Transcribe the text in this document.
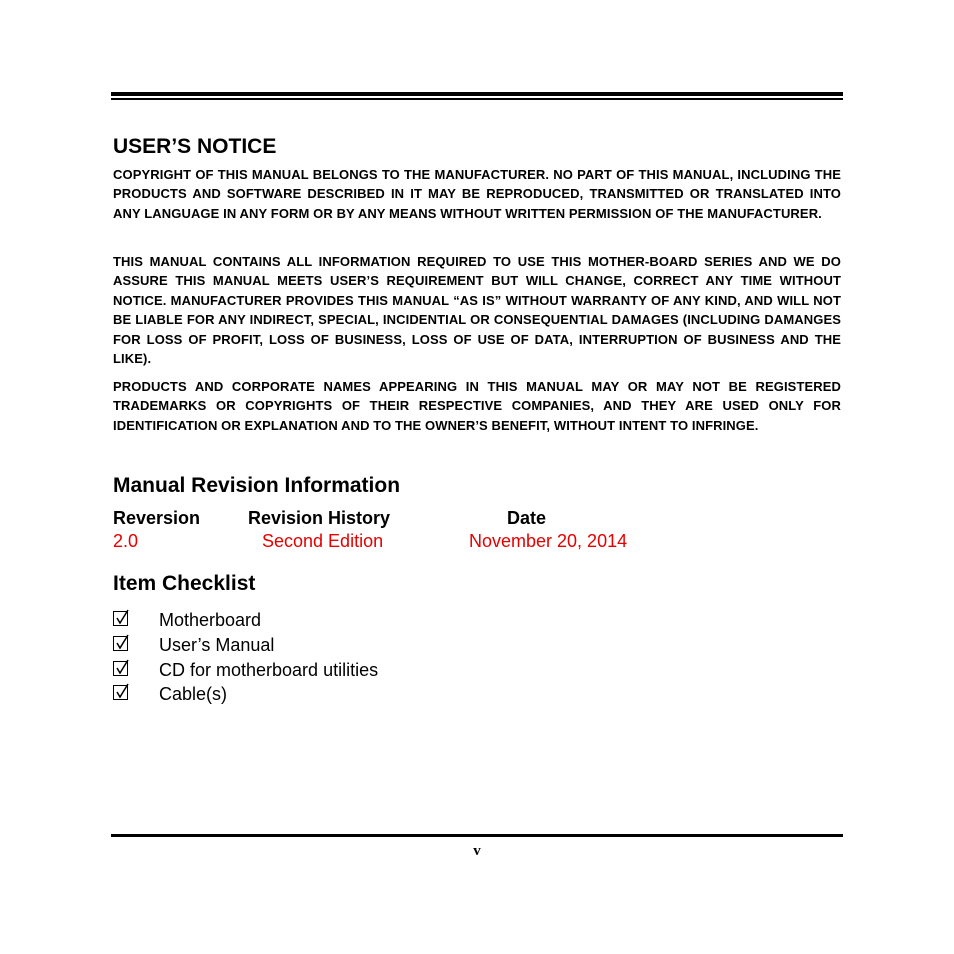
USER’S NOTICE

COPYRIGHT OF THIS MANUAL BELONGS TO THE MANUFACTURER. NO PART OF THIS MANUAL, INCLUDING THE PRODUCTS AND SOFTWARE DESCRIBED IN IT MAY BE REPRODUCED, TRANSMITTED OR TRANSLATED INTO ANY LANGUAGE IN ANY FORM OR BY ANY MEANS WITHOUT WRITTEN PERMISSION OF THE MANUFACTURER.

THIS MANUAL CONTAINS ALL INFORMATION REQUIRED TO USE THIS MOTHER-BOARD SERIES AND WE DO ASSURE THIS MANUAL MEETS USER’S REQUIREMENT BUT WILL CHANGE, CORRECT ANY TIME WITHOUT NOTICE. MANUFACTURER PROVIDES THIS MANUAL “AS IS” WITHOUT WARRANTY OF ANY KIND, AND WILL NOT BE LIABLE FOR ANY INDIRECT, SPECIAL, INCIDENTIAL OR CONSEQUENTIAL DAMAGES (INCLUDING DAMANGES FOR LOSS OF PROFIT, LOSS OF BUSINESS, LOSS OF USE OF DATA, INTERRUPTION OF BUSINESS AND THE LIKE).

PRODUCTS AND CORPORATE NAMES APPEARING IN THIS MANUAL MAY OR MAY NOT BE REGISTERED TRADEMARKS OR COPYRIGHTS OF THEIR RESPECTIVE COMPANIES, AND THEY ARE USED ONLY FOR IDENTIFICATION OR EXPLANATION AND TO THE OWNER’S BENEFIT, WITHOUT INTENT TO INFRINGE.

Manual Revision Information
Reversion	Revision History	Date
2.0	Second Edition	November 20, 2014
Item Checklist
Motherboard
User’s Manual
CD for motherboard utilities
Cable(s)
v
